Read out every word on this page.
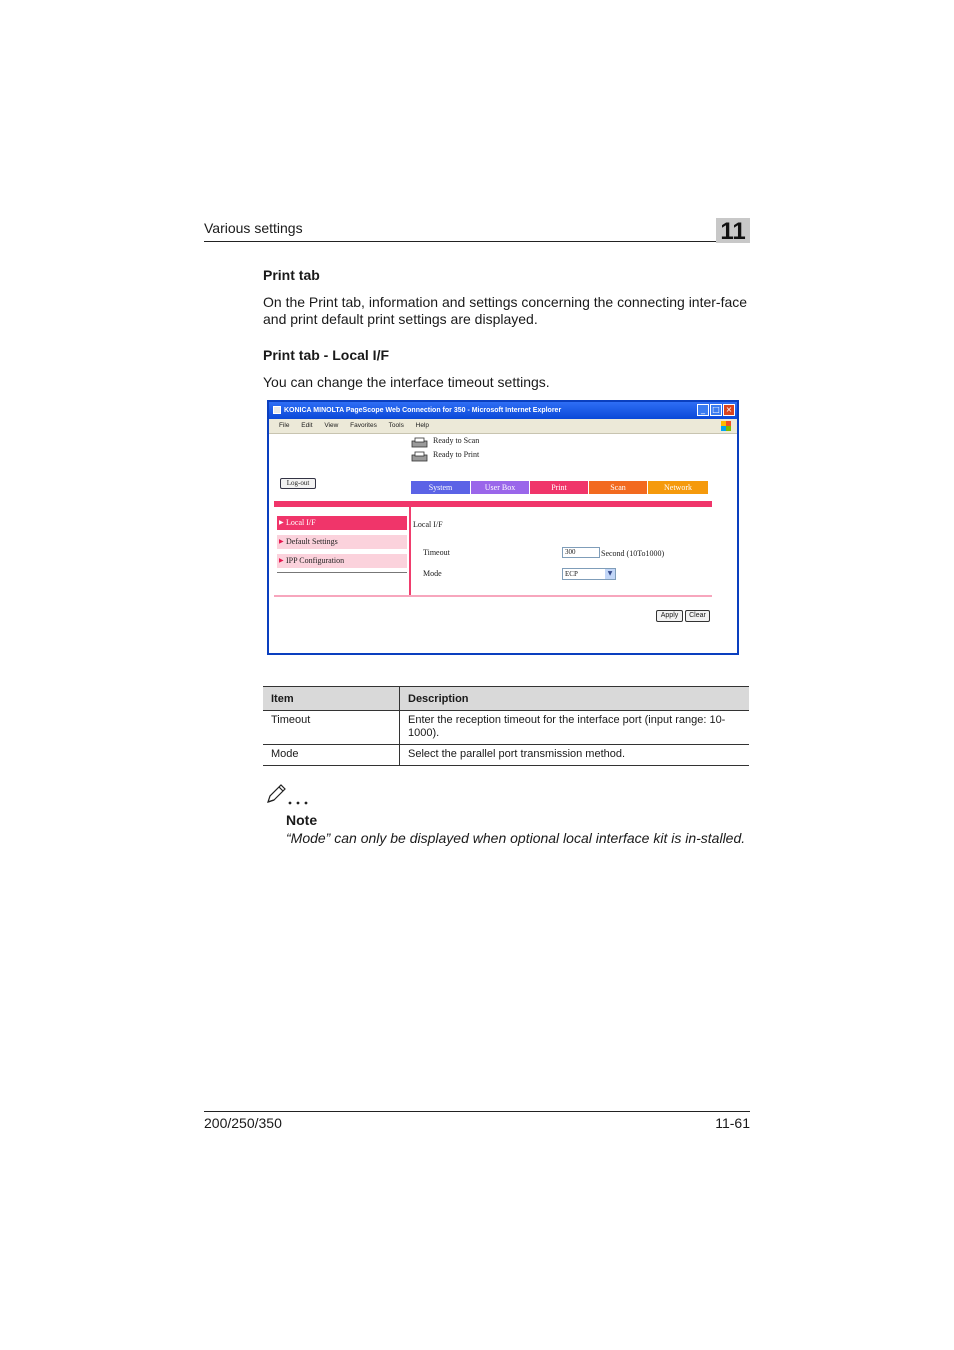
Various settings	11
Print tab
On the Print tab, information and settings concerning the connecting inter-face and print default print settings are displayed.
Print tab - Local I/F
You can change the interface timeout settings.
KONICA MINOLTA PageScope Web Connection for 350 - Microsoft Internet Explorer	_ □ ×
File Edit View Favorites Tools Help
Ready to Scan
Ready to Print
Log-out	System	User Box	Print	Scan	Network
▶ Local I/F
▶ Default Settings
▶ IPP Configuration
Local I/F
Timeout	300	Second (10To1000)
Mode	ECP	▼
Apply	Clear
Item	Description
Timeout	Enter the reception timeout for the interface port (input range: 10-1000).
Mode	Select the parallel port transmission method.
Note
“Mode” can only be displayed when optional local interface kit is in-stalled.
200/250/350	11-61
